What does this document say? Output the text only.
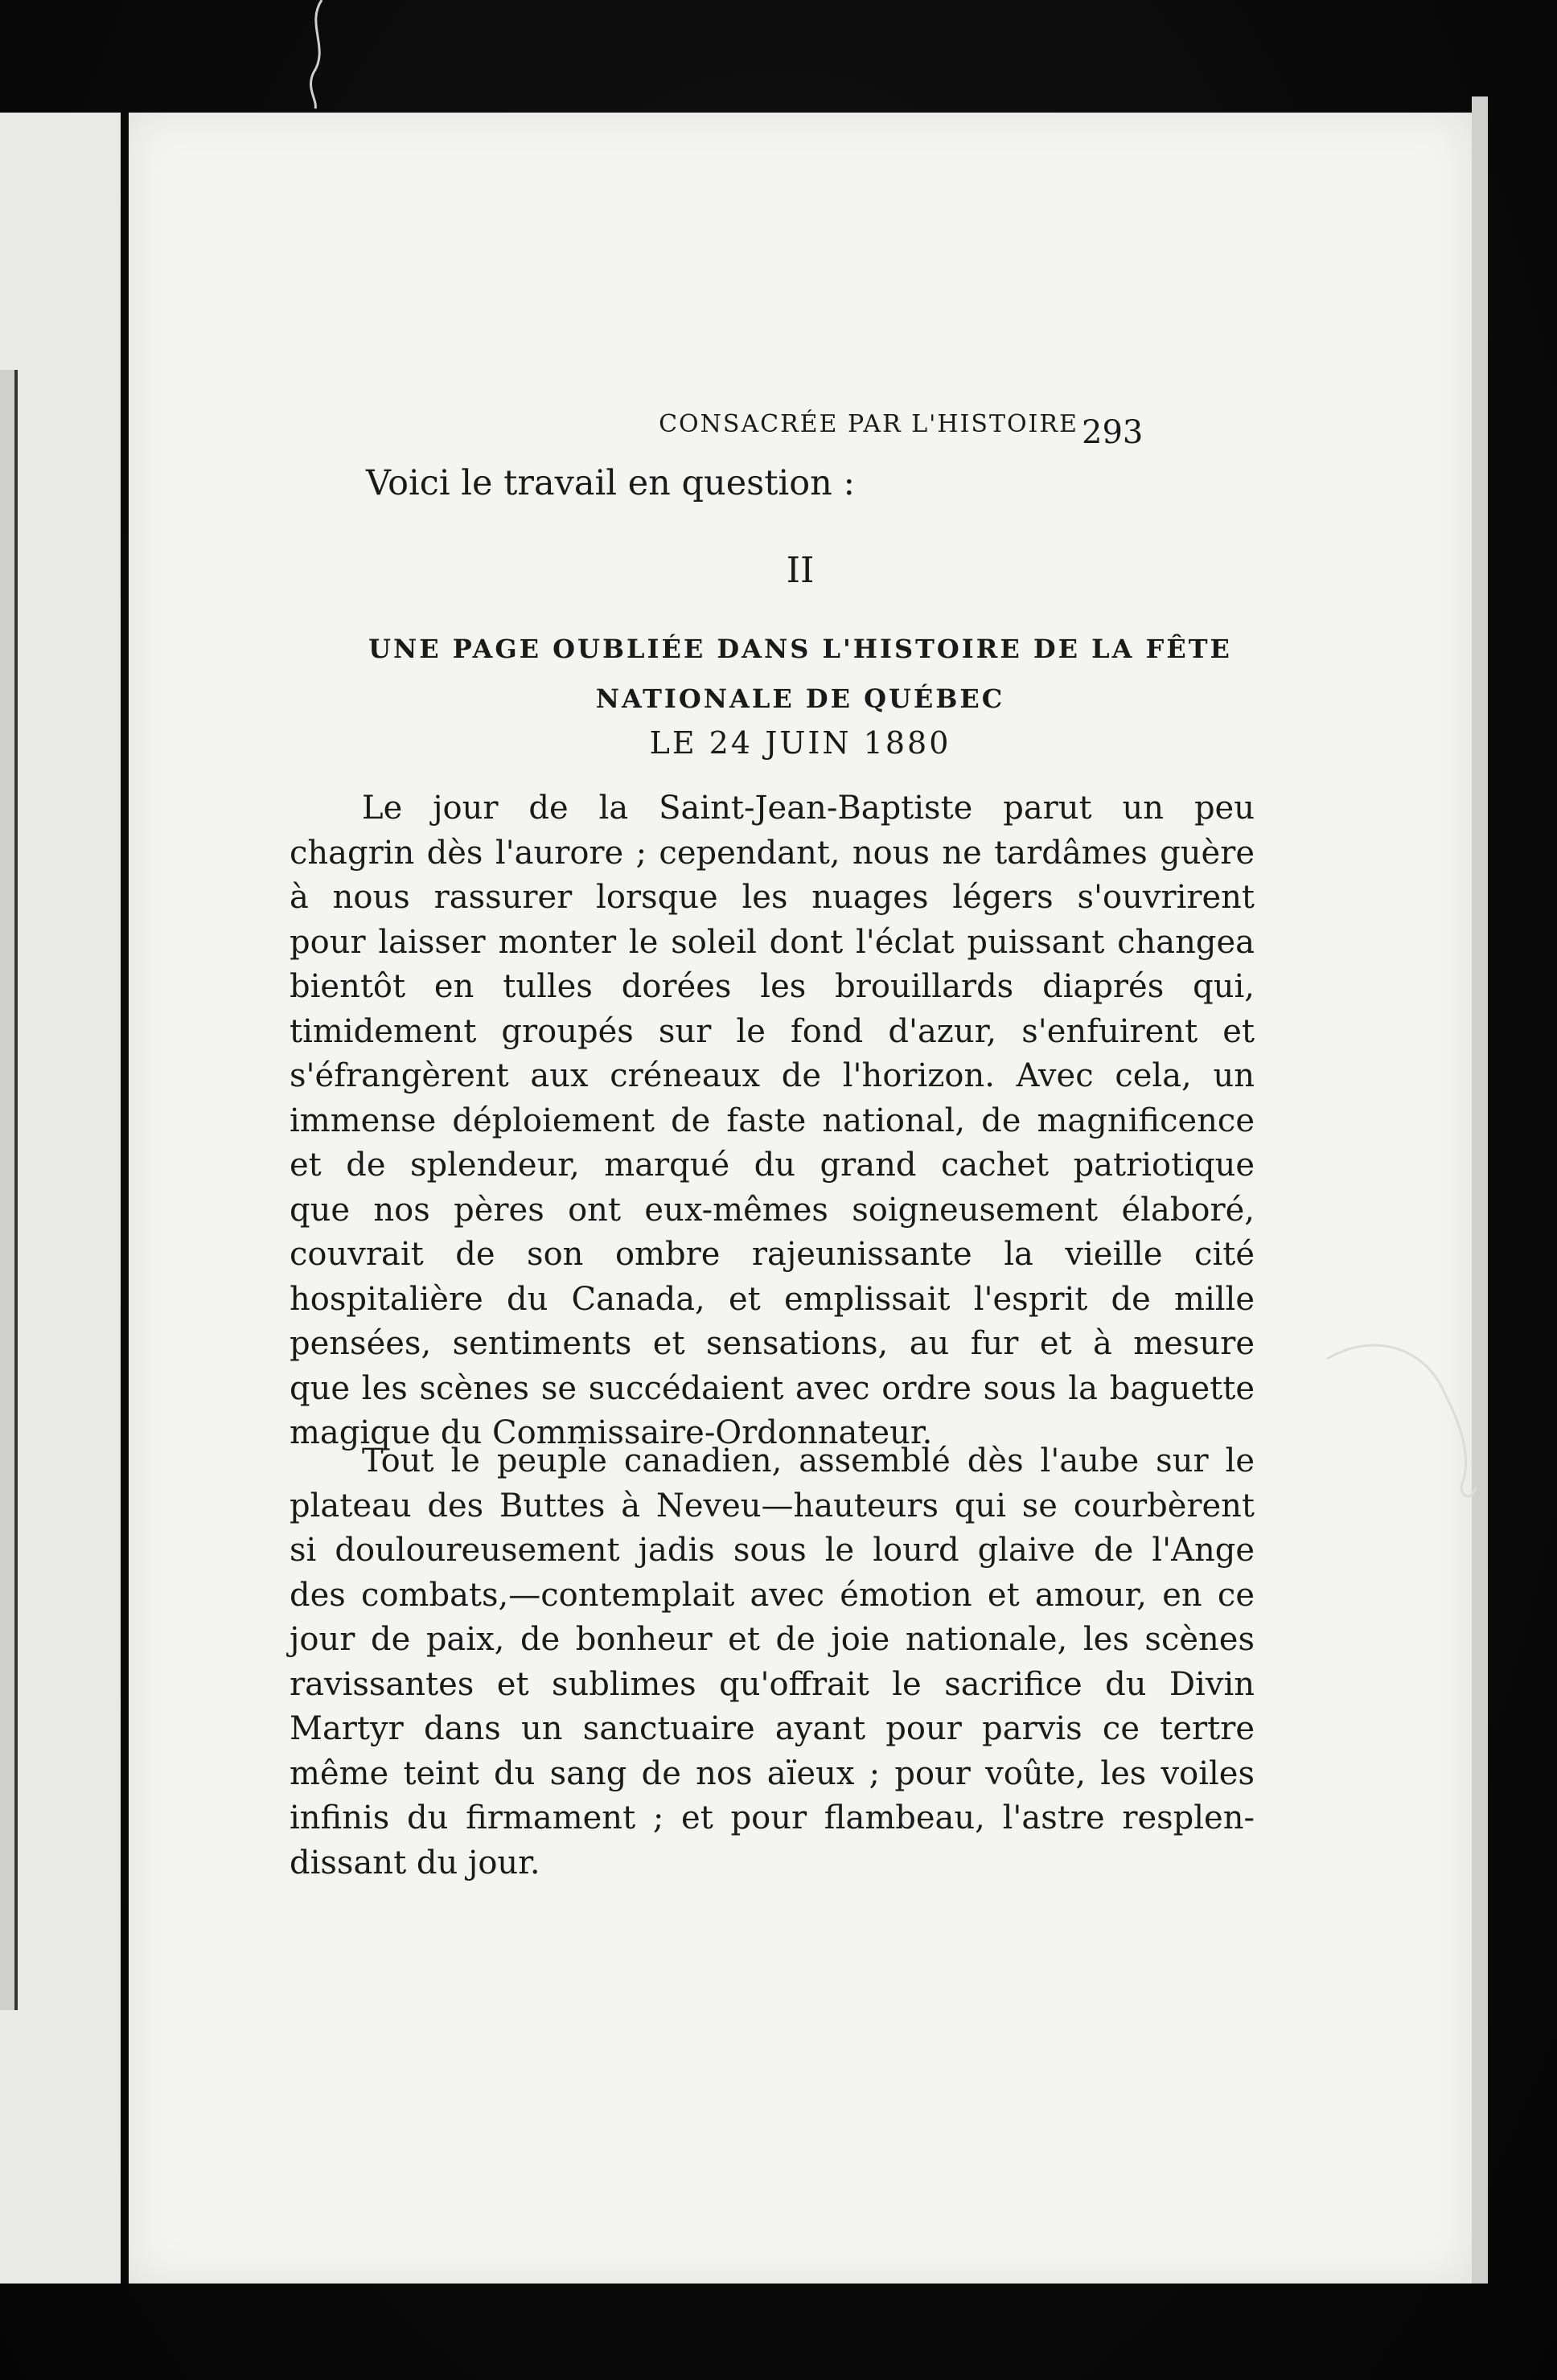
CONSACRÉE PAR L'HISTOIRE 293
Voici le travail en question :
II
UNE PAGE OUBLIÉE DANS L'HISTOIRE DE LA FÊTE
NATIONALE DE QUÉBEC
LE 24 JUIN 1880
Le jour de la Saint-Jean-Baptiste parut un peu
chagrin dès l'aurore ; cependant, nous ne tardâmes guère
à nous rassurer lorsque les nuages légers s'ouvrirent
pour laisser monter le soleil dont l'éclat puissant changea
bientôt en tulles dorées les brouillards diaprés qui,
timidement groupés sur le fond d'azur, s'enfuirent et
s'éfrangèrent aux créneaux de l'horizon. Avec cela, un
immense déploiement de faste national, de magnificence
et de splendeur, marqué du grand cachet patriotique
que nos pères ont eux-mêmes soigneusement élaboré,
couvrait de son ombre rajeunissante la vieille cité
hospitalière du Canada, et emplissait l'esprit de mille
pensées, sentiments et sensations, au fur et à mesure
que les scènes se succédaient avec ordre sous la baguette
magique du Commissaire-Ordonnateur.
Tout le peuple canadien, assemblé dès l'aube sur le
plateau des Buttes à Neveu—hauteurs qui se courbèrent
si douloureusement jadis sous le lourd glaive de l'Ange
des combats,—contemplait avec émotion et amour, en ce
jour de paix, de bonheur et de joie nationale, les scènes
ravissantes et sublimes qu'offrait le sacrifice du Divin
Martyr dans un sanctuaire ayant pour parvis ce tertre
même teint du sang de nos aïeux ; pour voûte, les voiles
infinis du firmament ; et pour flambeau, l'astre resplen-
dissant du jour.
